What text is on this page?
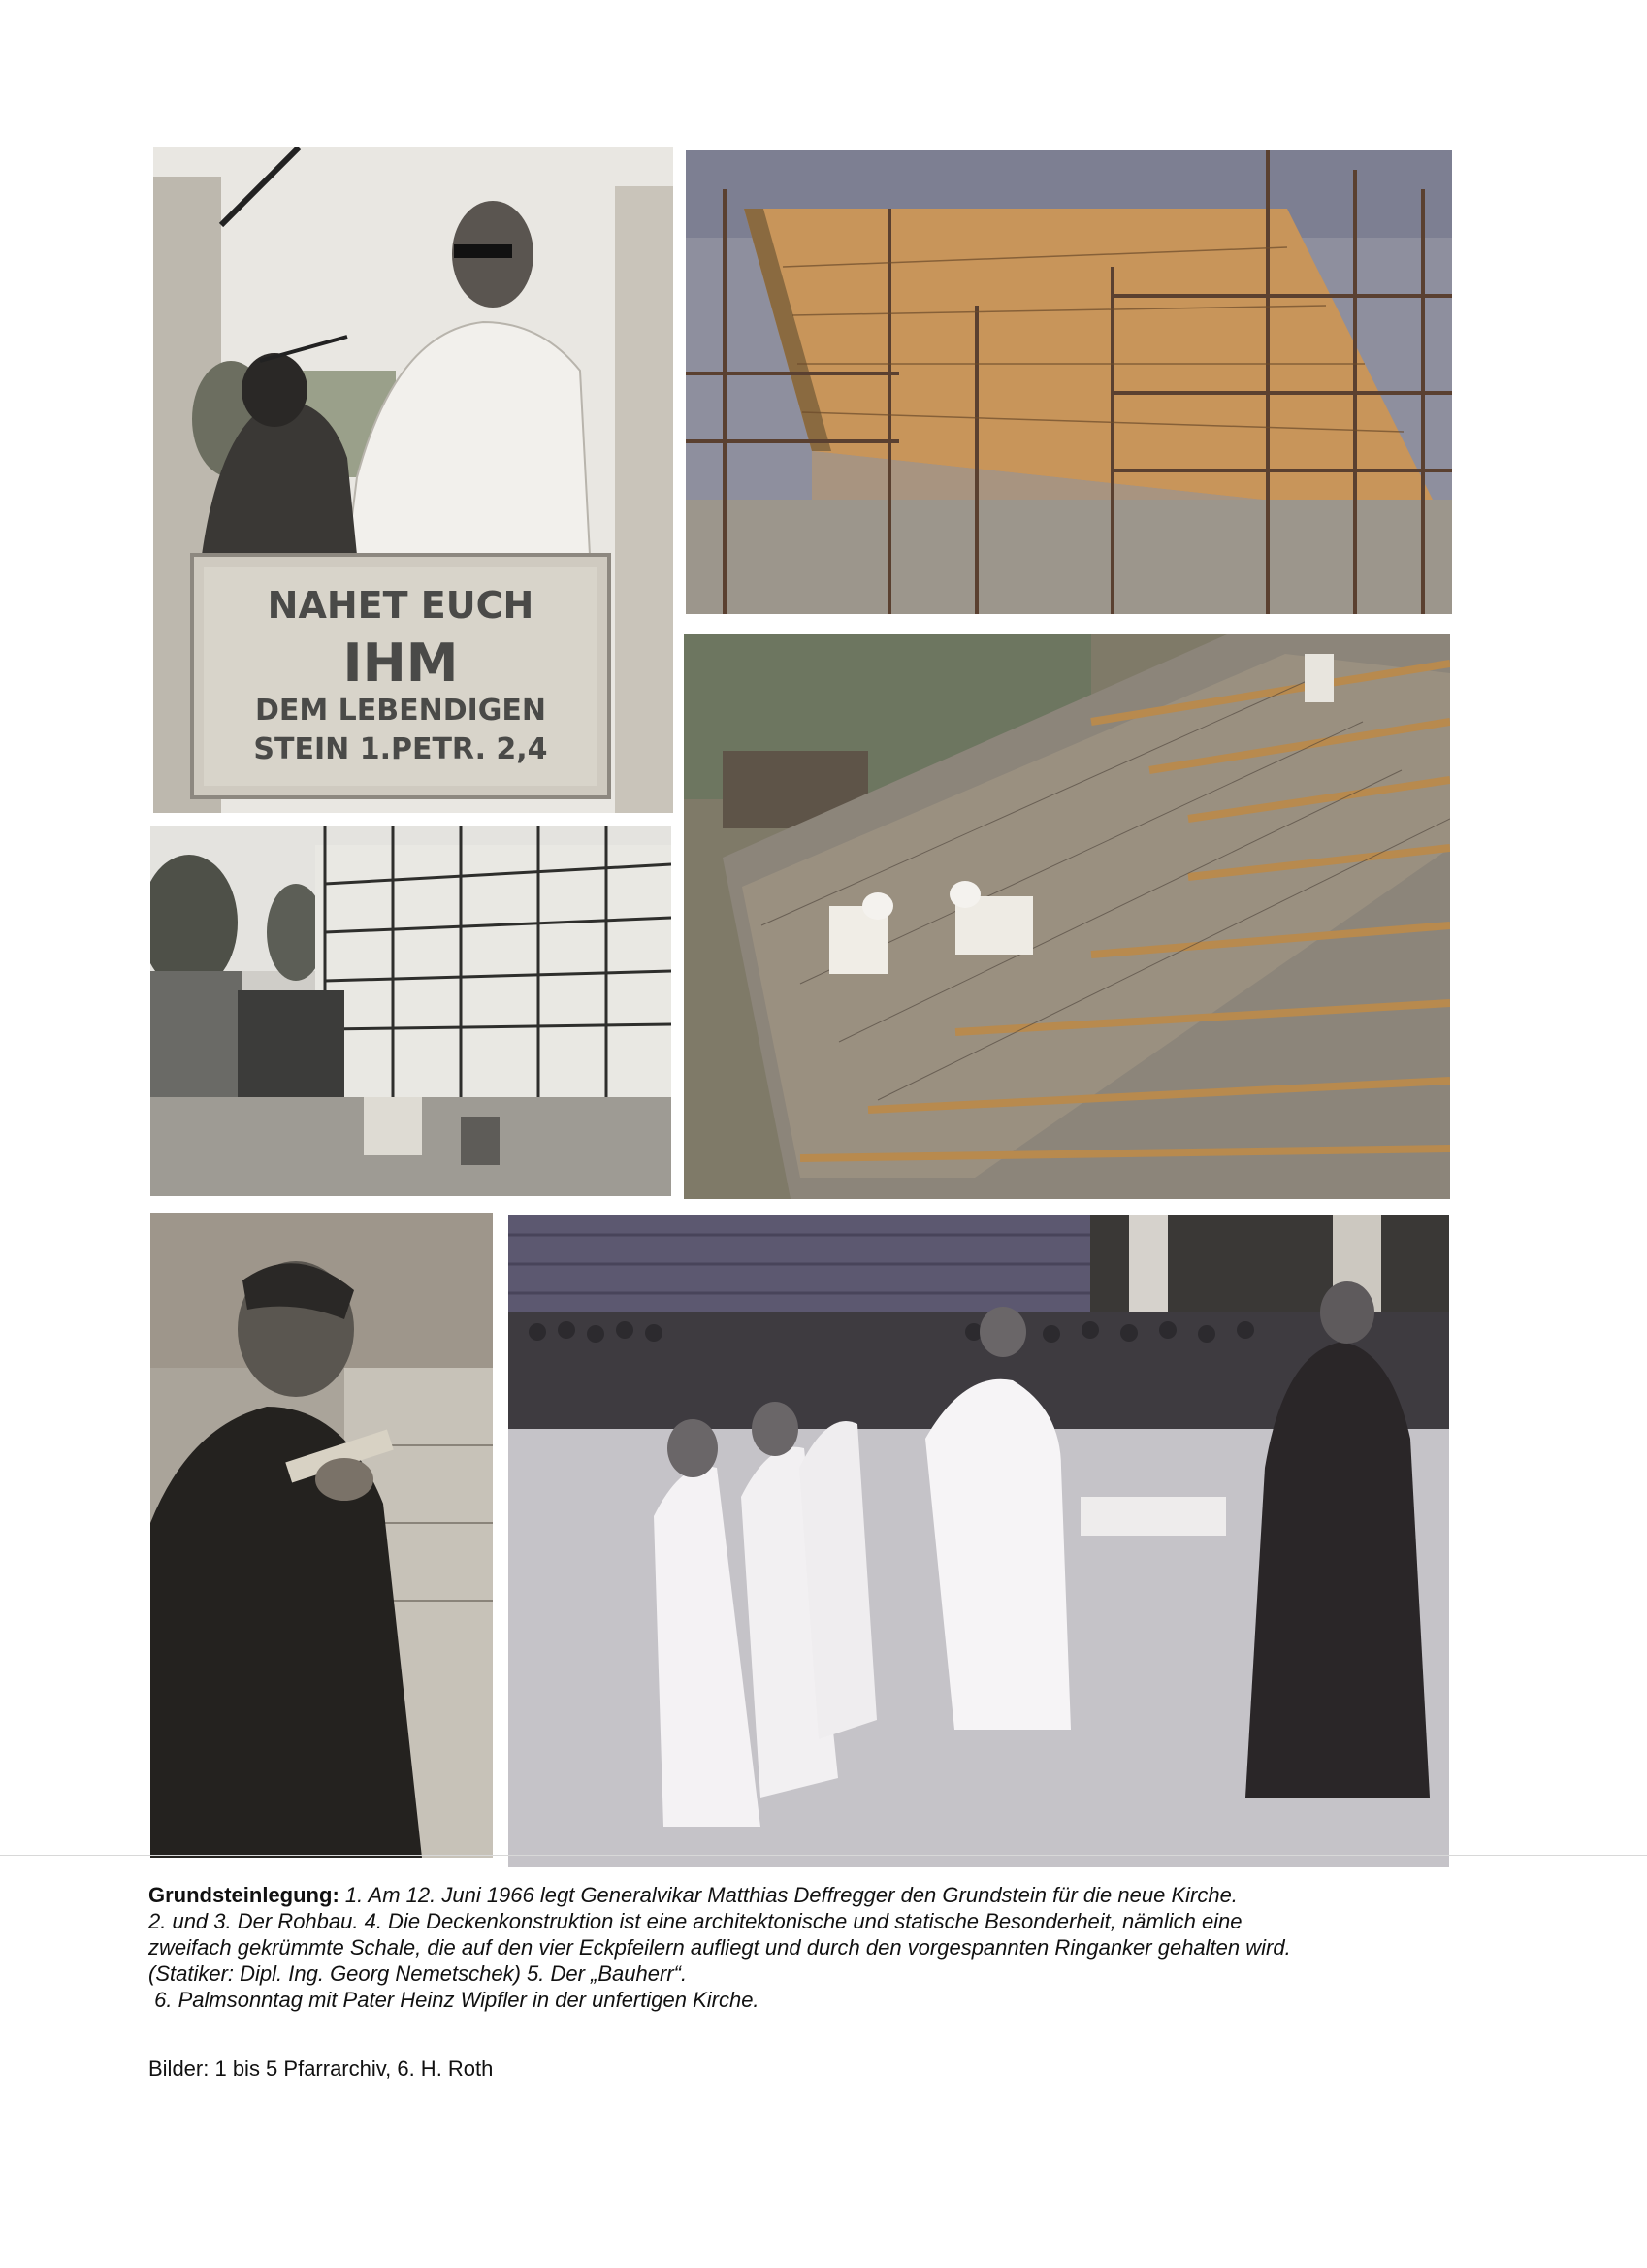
NAHET EUCH
IHM
DEM LEBENDIGEN
STEIN 1.PETR. 2,4
Grundsteinlegung: 1. Am 12. Juni 1966 legt Generalvikar Matthias Deffregger den Grundstein für die neue Kirche.
2. und 3. Der Rohbau. 4. Die Deckenkonstruktion ist eine architektonische und statische Besonderheit, nämlich eine
zweifach gekrümmte Schale, die auf den vier Eckpfeilern aufliegt und durch den vorgespannten Ringanker gehalten wird.
(Statiker: Dipl. Ing. Georg Nemetschek) 5. Der „Bauherr“.
6. Palmsonntag mit Pater Heinz Wipfler in der unfertigen Kirche.
Bilder: 1 bis 5 Pfarrarchiv, 6. H. Roth
